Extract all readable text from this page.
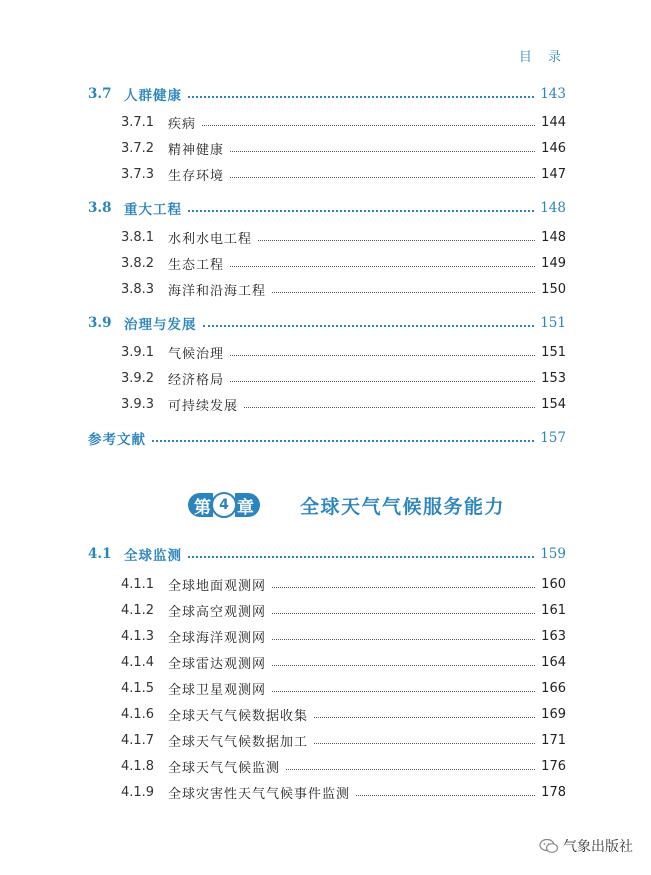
目 录
3.7 人群健康	143
3.7.1	疾病	144
3.7.2	精神健康	146
3.7.3	生存环境	147
3.8 重大工程	148
3.8.1	水利水电工程	148
3.8.2	生态工程	149
3.8.3	海洋和沿海工程	150
3.9 治理与发展	151
3.9.1	气候治理	151
3.9.2	经济格局	153
3.9.3	可持续发展	154
参考文献	157
第 4 章	全球天气气候服务能力
4.1 全球监测	159
4.1.1	全球地面观测网	160
4.1.2	全球高空观测网	161
4.1.3	全球海洋观测网	163
4.1.4	全球雷达观测网	164
4.1.5	全球卫星观测网	166
4.1.6	全球天气气候数据收集	169
4.1.7	全球天气气候数据加工	171
4.1.8	全球天气气候监测	176
4.1.9	全球灾害性天气气候事件监测	178
气象出版社
